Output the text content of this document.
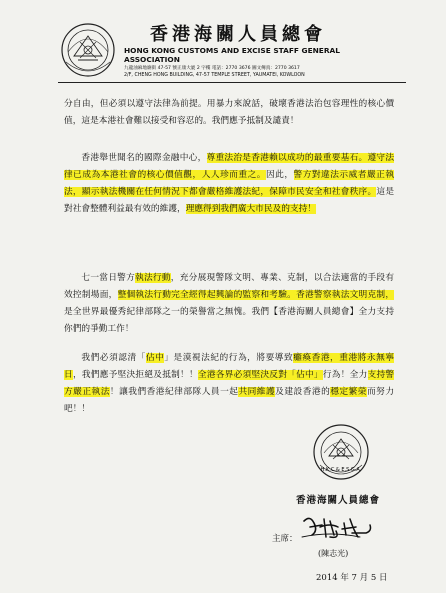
香港海關人員總會
HONG KONG CUSTOMS AND EXCISE STAFF GENERAL ASSOCIATION
九龍油麻地廟街 47-57 號正康大廈 2 字樓 電話：2770 3676 圖文傳真：2770 3617
2/F, CHENG HONG BUILDING, 47-57 TEMPLE STREET, YAUMATEI, KOWLOON
分自由，但必須以遵守法律為前提。用暴力來說話，破壞香港法治包容理性的核心價值，這是本港社會難以接受和容忍的。我們應予抵制及譴責！
香港舉世聞名的國際金融中心，尊重法治是香港賴以成功的最重要基石。遵守法律已成為本港社會的核心價值觀，人人珍而重之。因此，警方對違法示威者嚴正執法，顯示執法機關在任何情況下都會嚴格維護法紀，保障市民安全和社會秩序。這是對社會整體利益最有效的維護，理應得到我們廣大市民及的支持！
七一當日警方執法行動，充分展現警隊文明、專業、克制，以合法適當的手段有效控制場面，整個執法行動完全經得起興論的監察和考驗。香港警察執法文明克制，是全世界最優秀紀律部隊之一的榮譽當之無愧。我們【香港海關人員總會】全力支持你們的爭勤工作！
我們必須認清「佔中」是漠視法紀的行為，將要導致癱瘓香港，重港將永無寧日，我們應予堅決拒絕及抵制！！全港各界必須堅決反對「佔中」行為！全力支持警方嚴正執法！讓我們香港紀律部隊人員一起共同維護及建設香港的穩定繁榮而努力吧！！
H.K.C.& E.S.G.A.
香港海關人員總會
主席：
(陳志光)
2014 年 7 月 5 日
